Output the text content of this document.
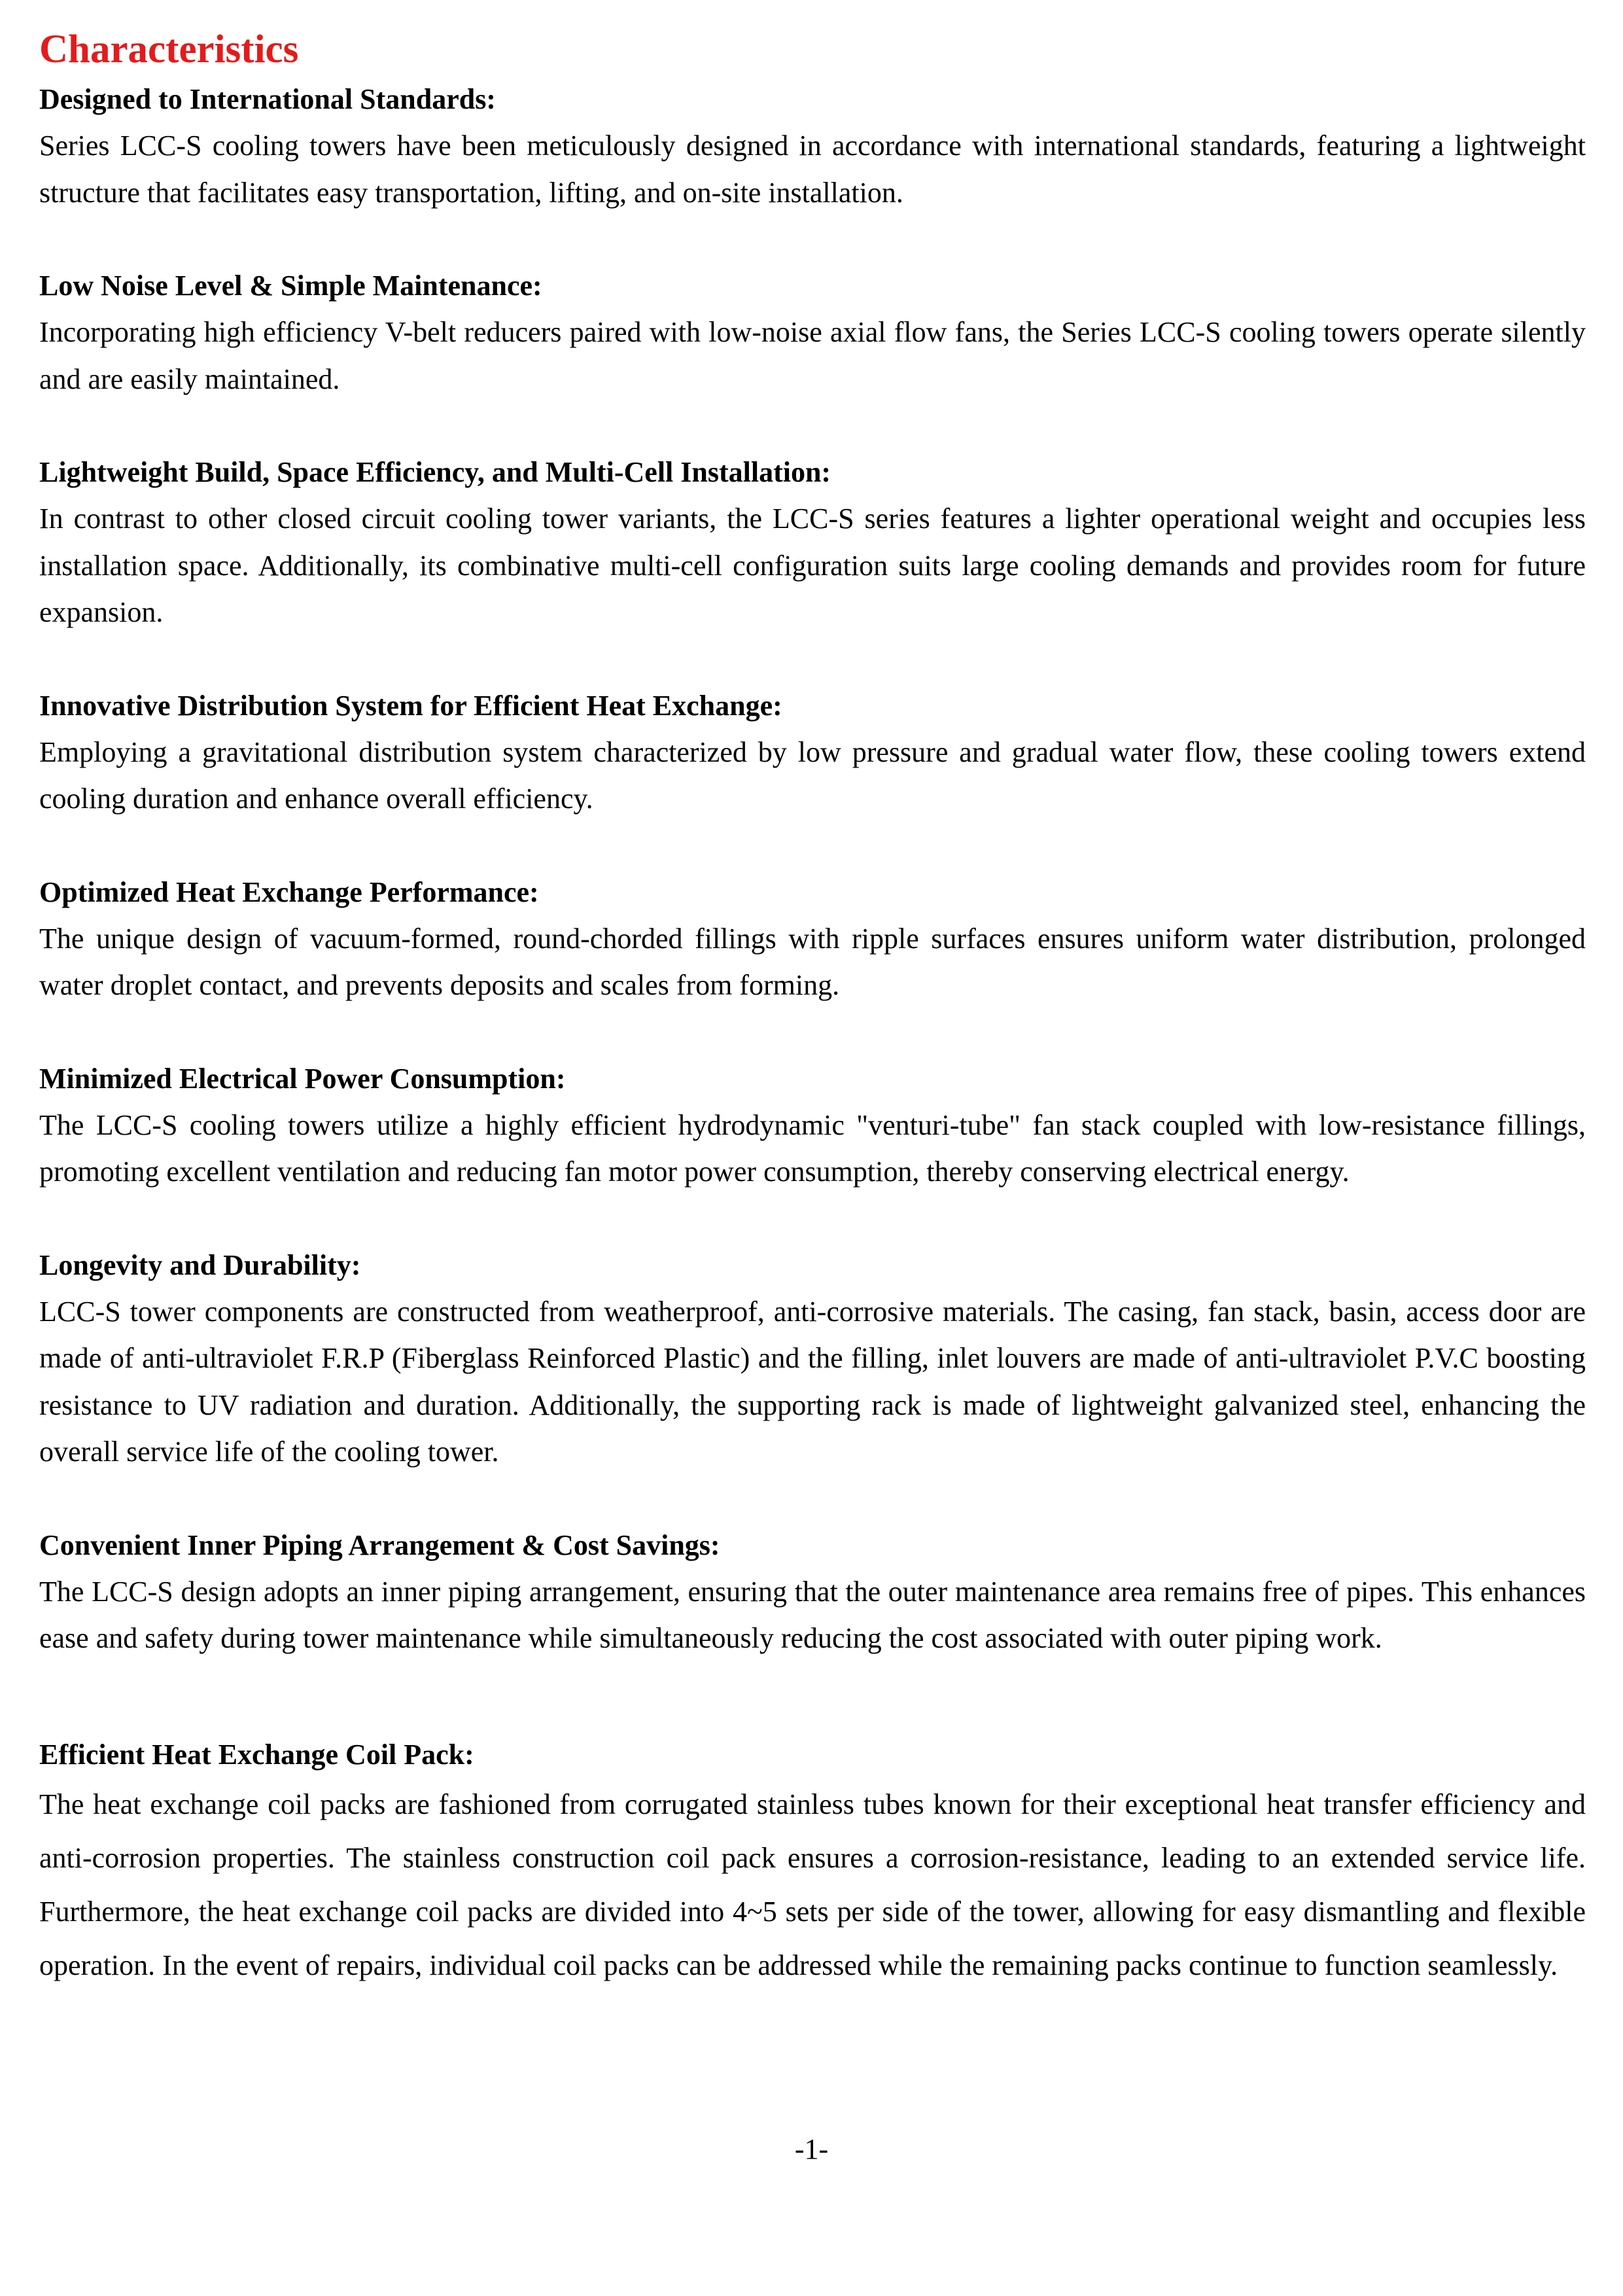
Characteristics

Designed to International Standards:

Series LCC-S cooling towers have been meticulously designed in accordance with international standards, featuring a lightweight structure that facilitates easy transportation, lifting, and on-site installation.

Low Noise Level & Simple Maintenance:

Incorporating high efficiency V-belt reducers paired with low-noise axial flow fans, the Series LCC-S cooling towers operate silently and are easily maintained.

Lightweight Build, Space Efficiency, and Multi-Cell Installation:

In contrast to other closed circuit cooling tower variants, the LCC-S series features a lighter operational weight and occupies less installation space. Additionally, its combinative multi-cell configuration suits large cooling demands and provides room for future expansion.

Innovative Distribution System for Efficient Heat Exchange:

Employing a gravitational distribution system characterized by low pressure and gradual water flow, these cooling towers extend cooling duration and enhance overall efficiency.

Optimized Heat Exchange Performance:

The unique design of vacuum-formed, round-chorded fillings with ripple surfaces ensures uniform water distribution, prolonged water droplet contact, and prevents deposits and scales from forming.

Minimized Electrical Power Consumption:

The LCC-S cooling towers utilize a highly efficient hydrodynamic "venturi-tube" fan stack coupled with low-resistance fillings, promoting excellent ventilation and reducing fan motor power consumption, thereby conserving electrical energy.

Longevity and Durability:

LCC-S tower components are constructed from weatherproof, anti-corrosive materials. The casing, fan stack, basin, access door are made of anti-ultraviolet F.R.P (Fiberglass Reinforced Plastic) and the filling, inlet louvers are made of anti-ultraviolet P.V.C boosting resistance to UV radiation and duration. Additionally, the supporting rack is made of lightweight galvanized steel, enhancing the overall service life of the cooling tower.

Convenient Inner Piping Arrangement & Cost Savings:

The LCC-S design adopts an inner piping arrangement, ensuring that the outer maintenance area remains free of pipes. This enhances ease and safety during tower maintenance while simultaneously reducing the cost associated with outer piping work.

Efficient Heat Exchange Coil Pack:

The heat exchange coil packs are fashioned from corrugated stainless tubes known for their exceptional heat transfer efficiency and anti-corrosion properties. The stainless construction coil pack ensures a corrosion-resistance, leading to an extended service life. Furthermore, the heat exchange coil packs are divided into 4~5 sets per side of the tower, allowing for easy dismantling and flexible operation. In the event of repairs, individual coil packs can be addressed while the remaining packs continue to function seamlessly.

-1-
